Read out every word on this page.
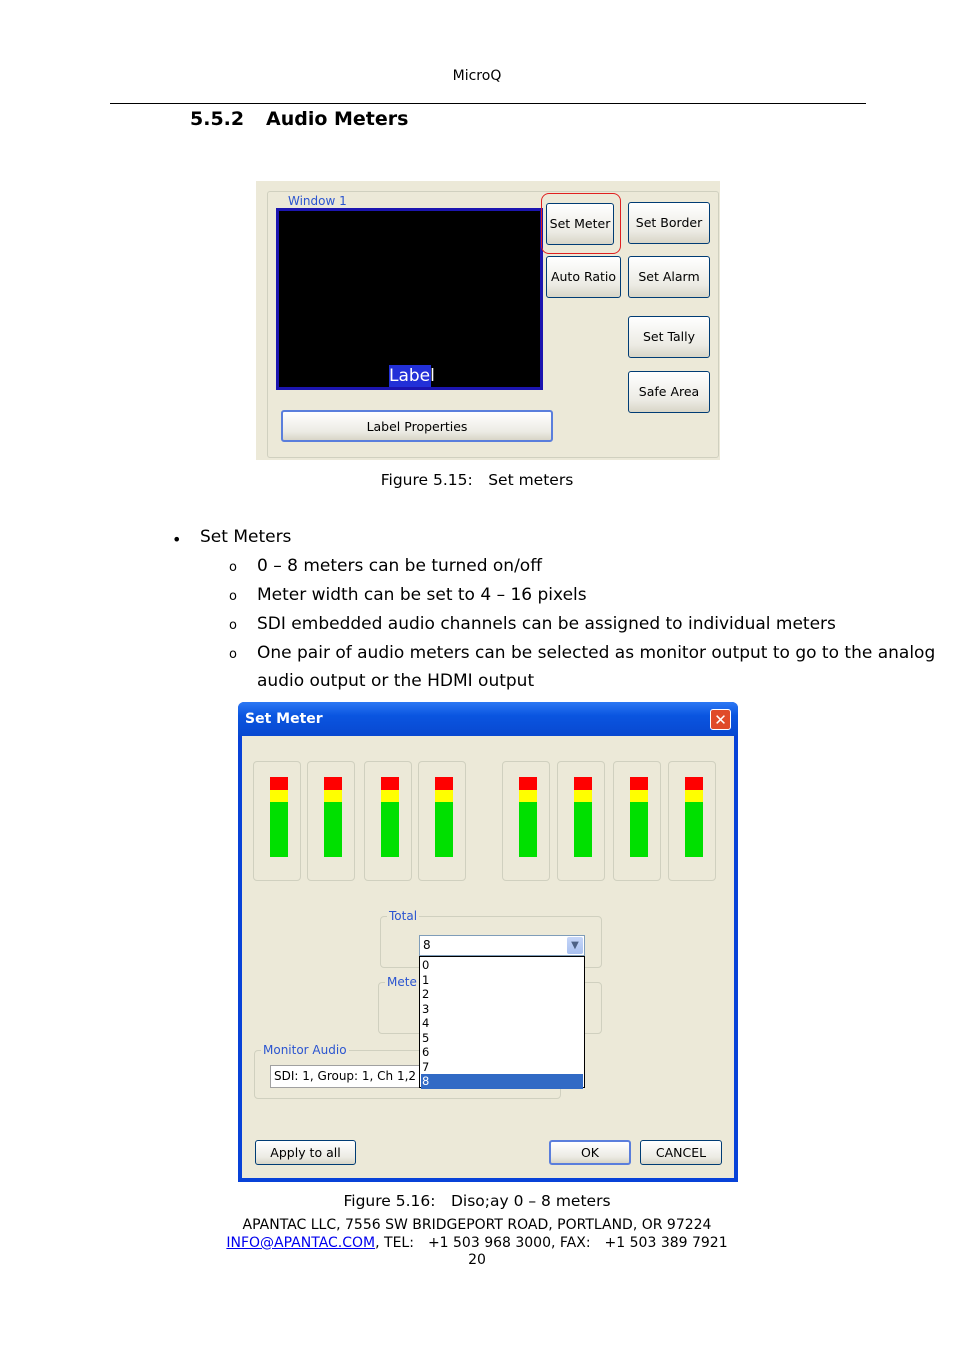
MicroQ
5.5.2 Audio Meters
Window 1
Label
Set Meter	Set Border
Auto Ratio	Set Alarm
Set Tally
Safe Area
Label Properties
Figure 5.15: Set meters
• Set Meters
o 0 – 8 meters can be turned on/off
o Meter width can be set to 4 – 16 pixels
o SDI embedded audio channels can be assigned to individual meters
o One pair of audio meters can be selected as monitor output to go to the analog
audio output or the HDMI output
Set Meter	✕
Total
8	▼
Mete
Monitor Audio
SDI: 1, Group: 1, Ch 1,2
0
1
2
3
4
5
6
7
8
Apply to all	OK	CANCEL
Figure 5.16: Diso;ay 0 – 8 meters
APANTAC LLC, 7556 SW BRIDGEPORT ROAD, PORTLAND, OR 97224
INFO@APANTAC.COM, TEL: +1 503 968 3000, FAX: +1 503 389 7921
20
